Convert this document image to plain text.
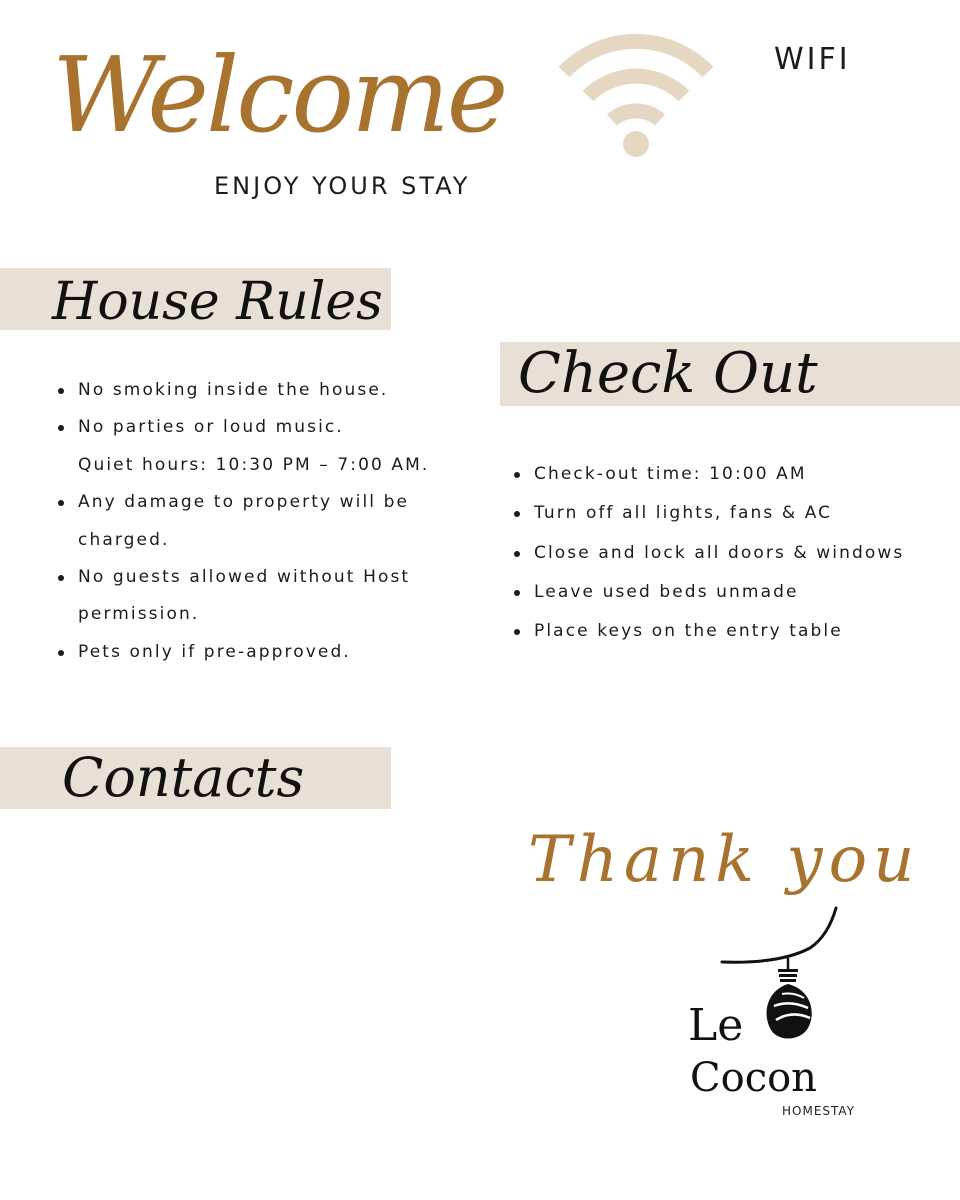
Welcome
ENJOY YOUR STAY
WIFI
House Rules
No smoking inside the house.
No parties or loud music.
Quiet hours: 10:30 PM – 7:00 AM.
Any damage to property will be charged.
No guests allowed without Host permission.
Pets only if pre-approved.
Check Out
Check-out time: 10:00 AM
Turn off all lights, fans & AC
Close and lock all doors & windows
Leave used beds unmade
Place keys on the entry table
Contacts
Thank you
Le
Cocon
HOMESTAY
